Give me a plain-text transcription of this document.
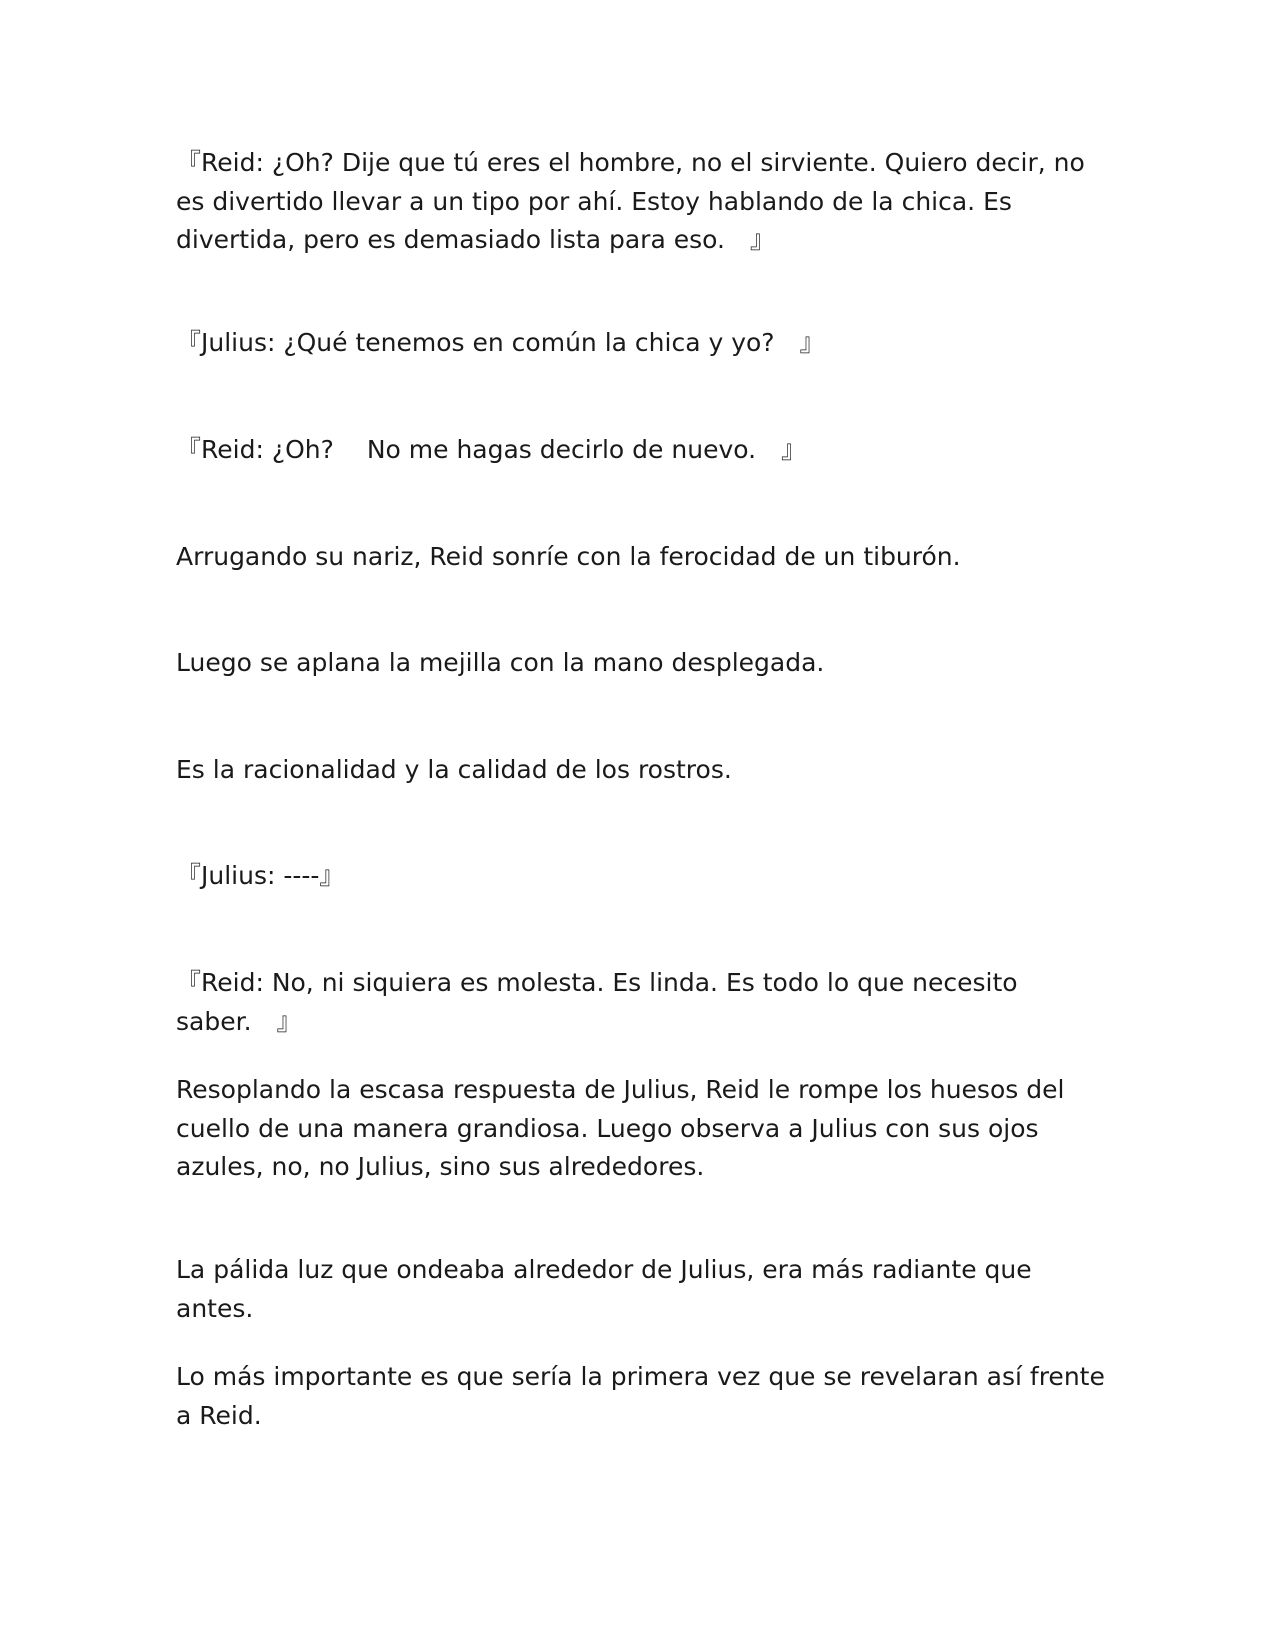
『Reid: ¿Oh? Dije que tú eres el hombre, no el sirviente. Quiero decir, no es divertido llevar a un tipo por ahí. Estoy hablando de la chica. Es divertida, pero es demasiado lista para eso.　』

『Julius: ¿Qué tenemos en común la chica y yo?　』

『Reid: ¿Oh?　 No me hagas decirlo de nuevo.　』

Arrugando su nariz, Reid sonríe con la ferocidad de un tiburón.

Luego se aplana la mejilla con la mano desplegada.

Es la racionalidad y la calidad de los rostros.

『Julius: ----』

『Reid: No, ni siquiera es molesta. Es linda. Es todo lo que necesito saber.　』

Resoplando la escasa respuesta de Julius, Reid le rompe los huesos del cuello de una manera grandiosa. Luego observa a Julius con sus ojos azules, no, no Julius, sino sus alrededores.

La pálida luz que ondeaba alrededor de Julius, era más radiante que antes.

Lo más importante es que sería la primera vez que se revelaran así frente a Reid.
